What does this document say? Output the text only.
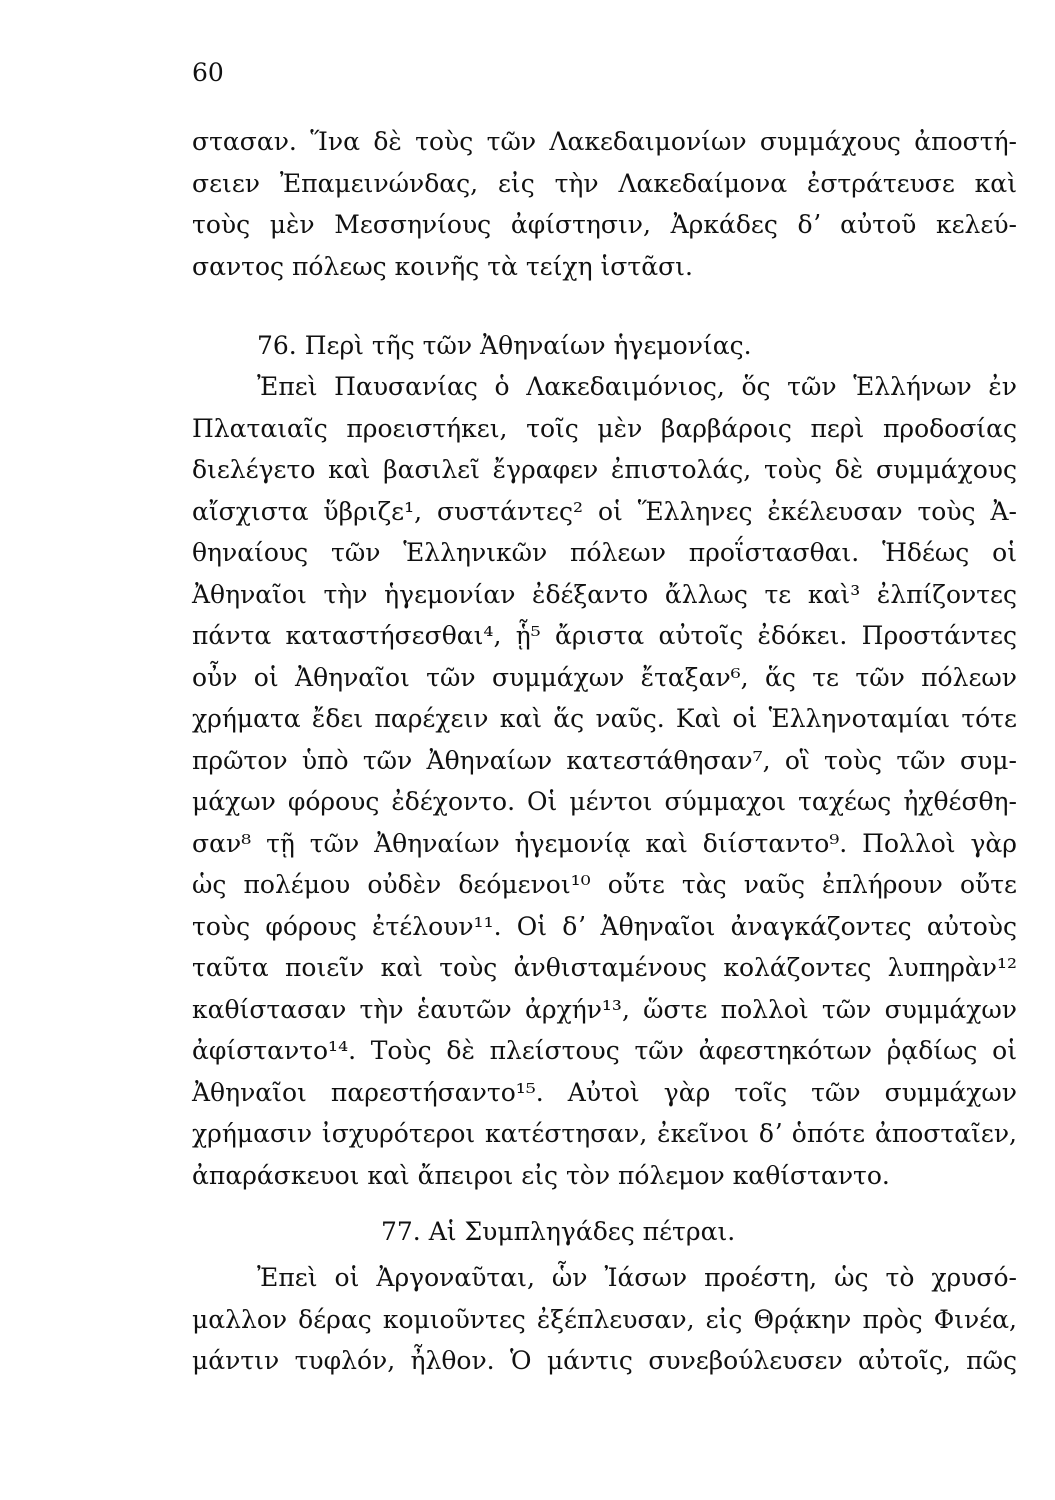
60
στασαν. Ἵνα δὲ τοὺς τῶν Λακεδαιμονίων συμμάχους ἀποστή-
σειεν Ἐπαμεινώνδας, εἰς τὴν Λακεδαίμονα ἐστράτευσε καὶ
τοὺς μὲν Μεσσηνίους ἀφίστησιν, Ἀρκάδες δʼ αὐτοῦ κελεύ-
σαντος πόλεως κοινῆς τὰ τείχη ἱστᾶσι.
76. Περὶ τῆς τῶν Ἀθηναίων ἡγεμονίας.
Ἐπεὶ Παυσανίας ὁ Λακεδαιμόνιος, ὅς τῶν Ἑλλήνων ἐν
Πλαταιαῖς προειστήκει, τοῖς μὲν βαρβάροις περὶ προδοσίας
διελέγετο καὶ βασιλεῖ ἔγραφεν ἐπιστολάς, τοὺς δὲ συμμάχους
αἴσχιστα ὕβριζε¹, συστάντες² οἱ Ἕλληνες ἐκέλευσαν τοὺς Ἀ-
θηναίους τῶν Ἑλληνικῶν πόλεων προΐστασθαι. Ἡδέως οἱ
Ἀθηναῖοι τὴν ἡγεμονίαν ἐδέξαντο ἄλλως τε καὶ³ ἐλπίζοντες
πάντα καταστήσεσθαι⁴, ᾗ⁵ ἄριστα αὐτοῖς ἐδόκει. Προστάντες
οὖν οἱ Ἀθηναῖοι τῶν συμμάχων ἔταξαν⁶, ἅς τε τῶν πόλεων
χρήματα ἔδει παρέχειν καὶ ἅς ναῦς. Καὶ οἱ Ἑλληνοταμίαι τότε
πρῶτον ὑπὸ τῶν Ἀθηναίων κατεστάθησαν⁷, οἳ τοὺς τῶν συμ-
μάχων φόρους ἐδέχοντο. Οἱ μέντοι σύμμαχοι ταχέως ἠχθέσθη-
σαν⁸ τῇ τῶν Ἀθηναίων ἡγεμονίᾳ καὶ διίσταντο⁹. Πολλοὶ γὰρ
ὡς πολέμου οὐδὲν δεόμενοι¹⁰ οὔτε τὰς ναῦς ἐπλήρουν οὔτε
τοὺς φόρους ἐτέλουν¹¹. Οἱ δʼ Ἀθηναῖοι ἀναγκάζοντες αὐτοὺς
ταῦτα ποιεῖν καὶ τοὺς ἀνθισταμένους κολάζοντες λυπηρὰν¹²
καθίστασαν τὴν ἑαυτῶν ἀρχήν¹³, ὥστε πολλοὶ τῶν συμμάχων
ἀφίσταντο¹⁴. Τοὺς δὲ πλείστους τῶν ἀφεστηκότων ῥᾳδίως οἱ
Ἀθηναῖοι παρεστήσαντο¹⁵. Αὐτοὶ γὰρ τοῖς τῶν συμμάχων
χρήμασιν ἰσχυρότεροι κατέστησαν, ἐκεῖνοι δʼ ὁπότε ἀποσταῖεν,
ἀπαράσκευοι καὶ ἄπειροι εἰς τὸν πόλεμον καθίσταντο.
77. Αἱ Συμπληγάδες πέτραι.
Ἐπεὶ οἱ Ἀργοναῦται, ὧν Ἰάσων προέστη, ὡς τὸ χρυσό-
μαλλον δέρας κομιοῦντες ἐξέπλευσαν, εἰς Θρᾴκην πρὸς Φινέα,
μάντιν τυφλόν, ἦλθον. Ὁ μάντις συνεβούλευσεν αὐτοῖς, πῶς
